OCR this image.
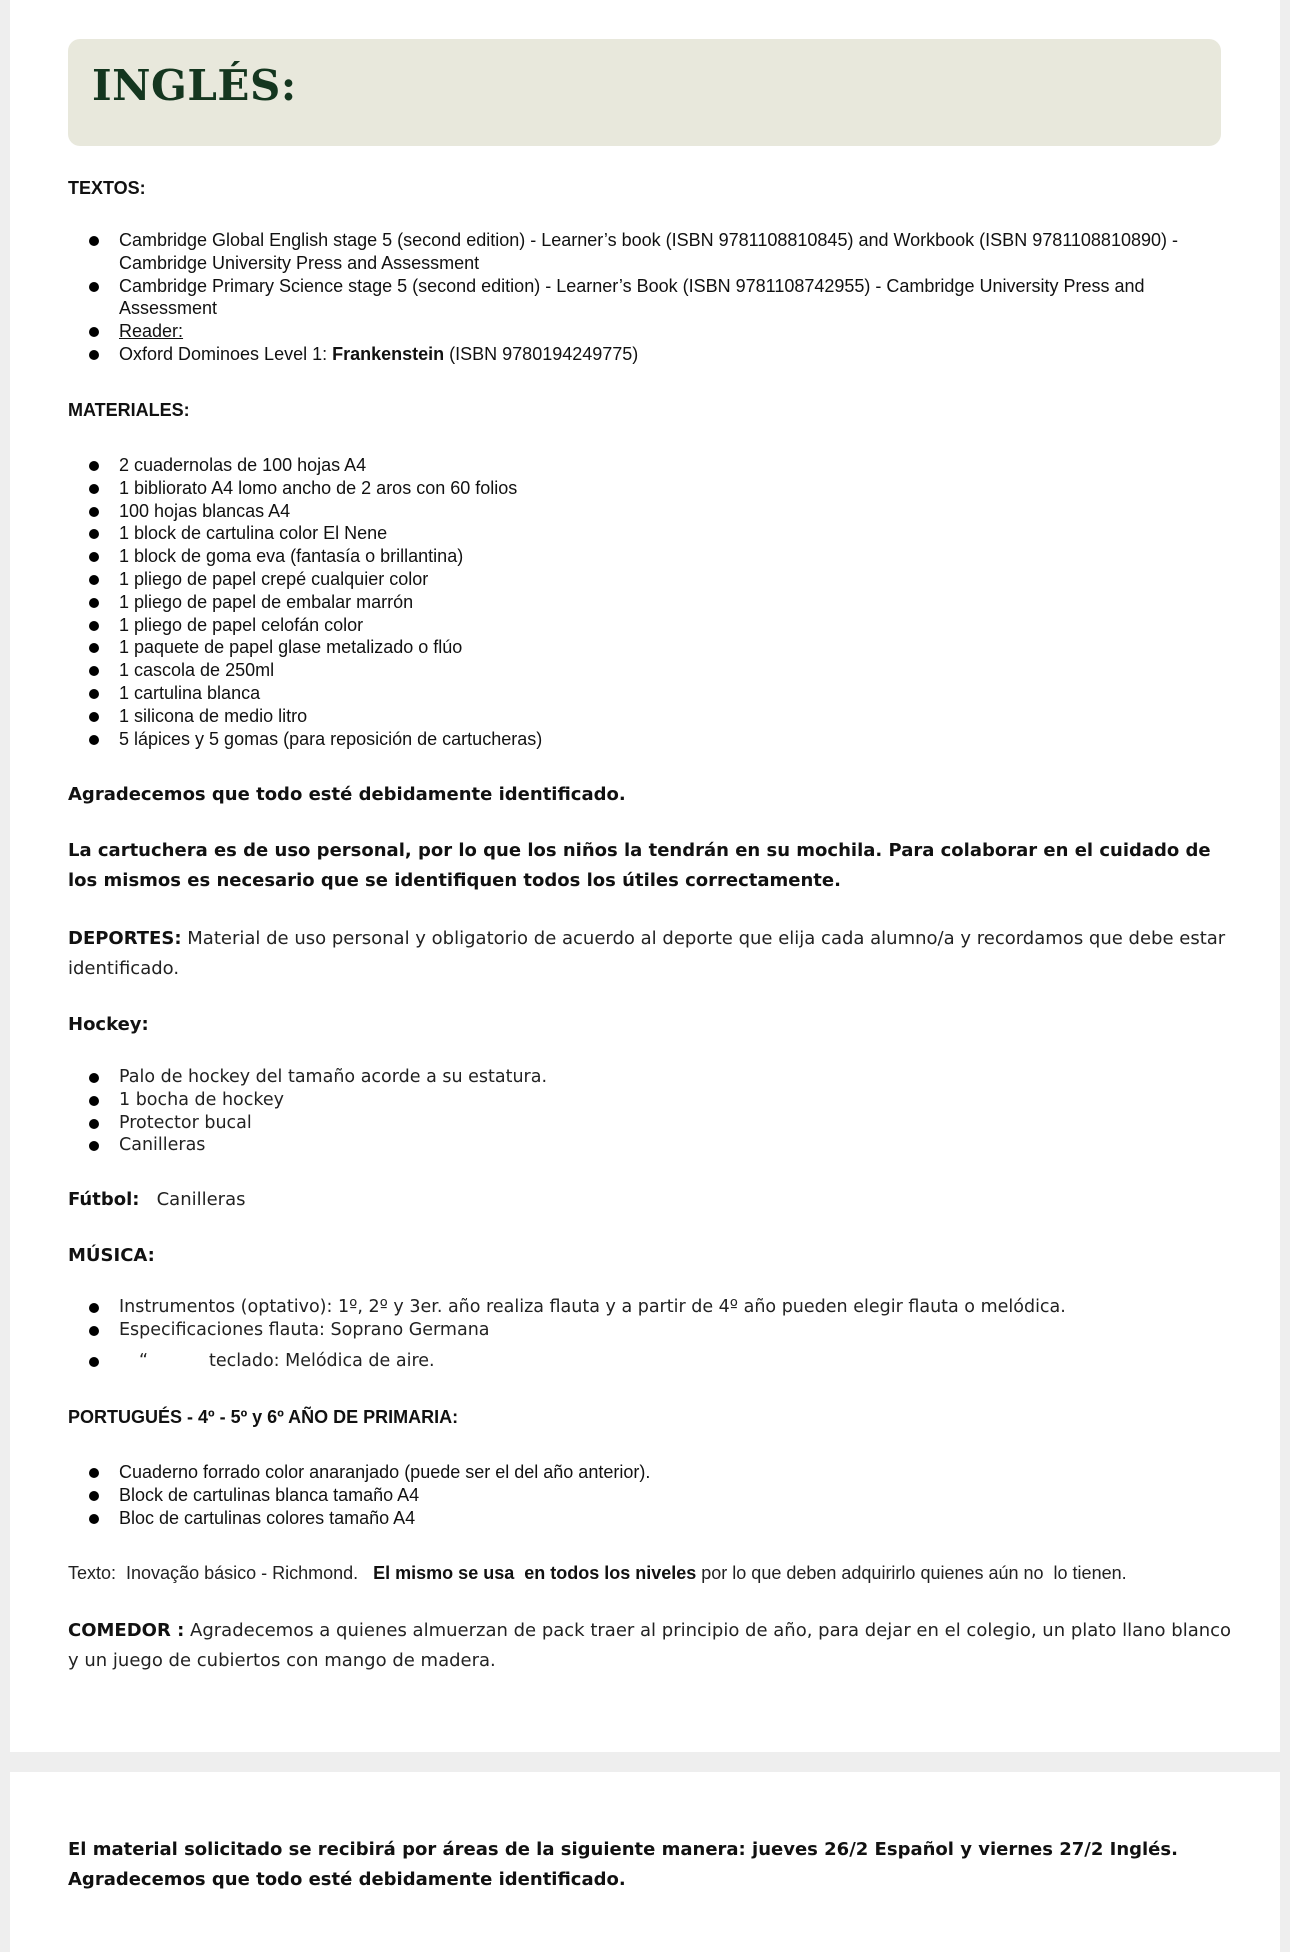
INGLÉS:
TEXTOS:
Cambridge Global English stage 5 (second edition) - Learner’s book (ISBN 9781108810845) and Workbook (ISBN 9781108810890) - Cambridge University Press and Assessment
Cambridge Primary Science stage 5 (second edition) - Learner’s Book (ISBN 9781108742955) - Cambridge University Press and Assessment
Reader:
Oxford Dominoes Level 1: Frankenstein (ISBN 9780194249775)
MATERIALES:
2 cuadernolas de 100 hojas A4
1 bibliorato A4 lomo ancho de 2 aros con 60 folios
100 hojas blancas A4
1 block de cartulina color El Nene
1 block de goma eva (fantasía o brillantina)
1 pliego de papel crepé cualquier color
1 pliego de papel de embalar marrón
1 pliego de papel celofán color
1 paquete de papel glase metalizado o flúo
1 cascola de 250ml
1 cartulina blanca
1 silicona de medio litro
5 lápices y 5 gomas (para reposición de cartucheras)

Agradecemos que todo esté debidamente identificado.

La cartuchera es de uso personal, por lo que los niños la tendrán en su mochila. Para colaborar en el cuidado de los mismos es necesario que se identifiquen todos los útiles correctamente.

DEPORTES: Material de uso personal y obligatorio de acuerdo al deporte que elija cada alumno/a y recordamos que debe estar identificado.

Hockey:

Palo de hockey del tamaño acorde a su estatura.
1 bocha de hockey
Protector bucal
Canilleras

Fútbol:   Canilleras

MÚSICA:

Instrumentos (optativo): 1º, 2º y 3er. año realiza flauta y a partir de 4º año pueden elegir flauta o melódica.
Especificaciones flauta: Soprano Germana
“	teclado: Melódica de aire.
PORTUGUÉS - 4º - 5º y 6º AÑO DE PRIMARIA:
Cuaderno forrado color anaranjado (puede ser el del año anterior).
Block de cartulinas blanca tamaño A4
Bloc de cartulinas colores tamaño A4

Texto:  Inovação básico - Richmond.   El mismo se usa  en todos los niveles por lo que deben adquirirlo quienes aún no  lo tienen.

COMEDOR : Agradecemos a quienes almuerzan de pack traer al principio de año, para dejar en el colegio, un plato llano blanco y un juego de cubiertos con mango de madera.

El material solicitado se recibirá por áreas de la siguiente manera: jueves 26/2 Español y viernes 27/2 Inglés.

Agradecemos que todo esté debidamente identificado.
